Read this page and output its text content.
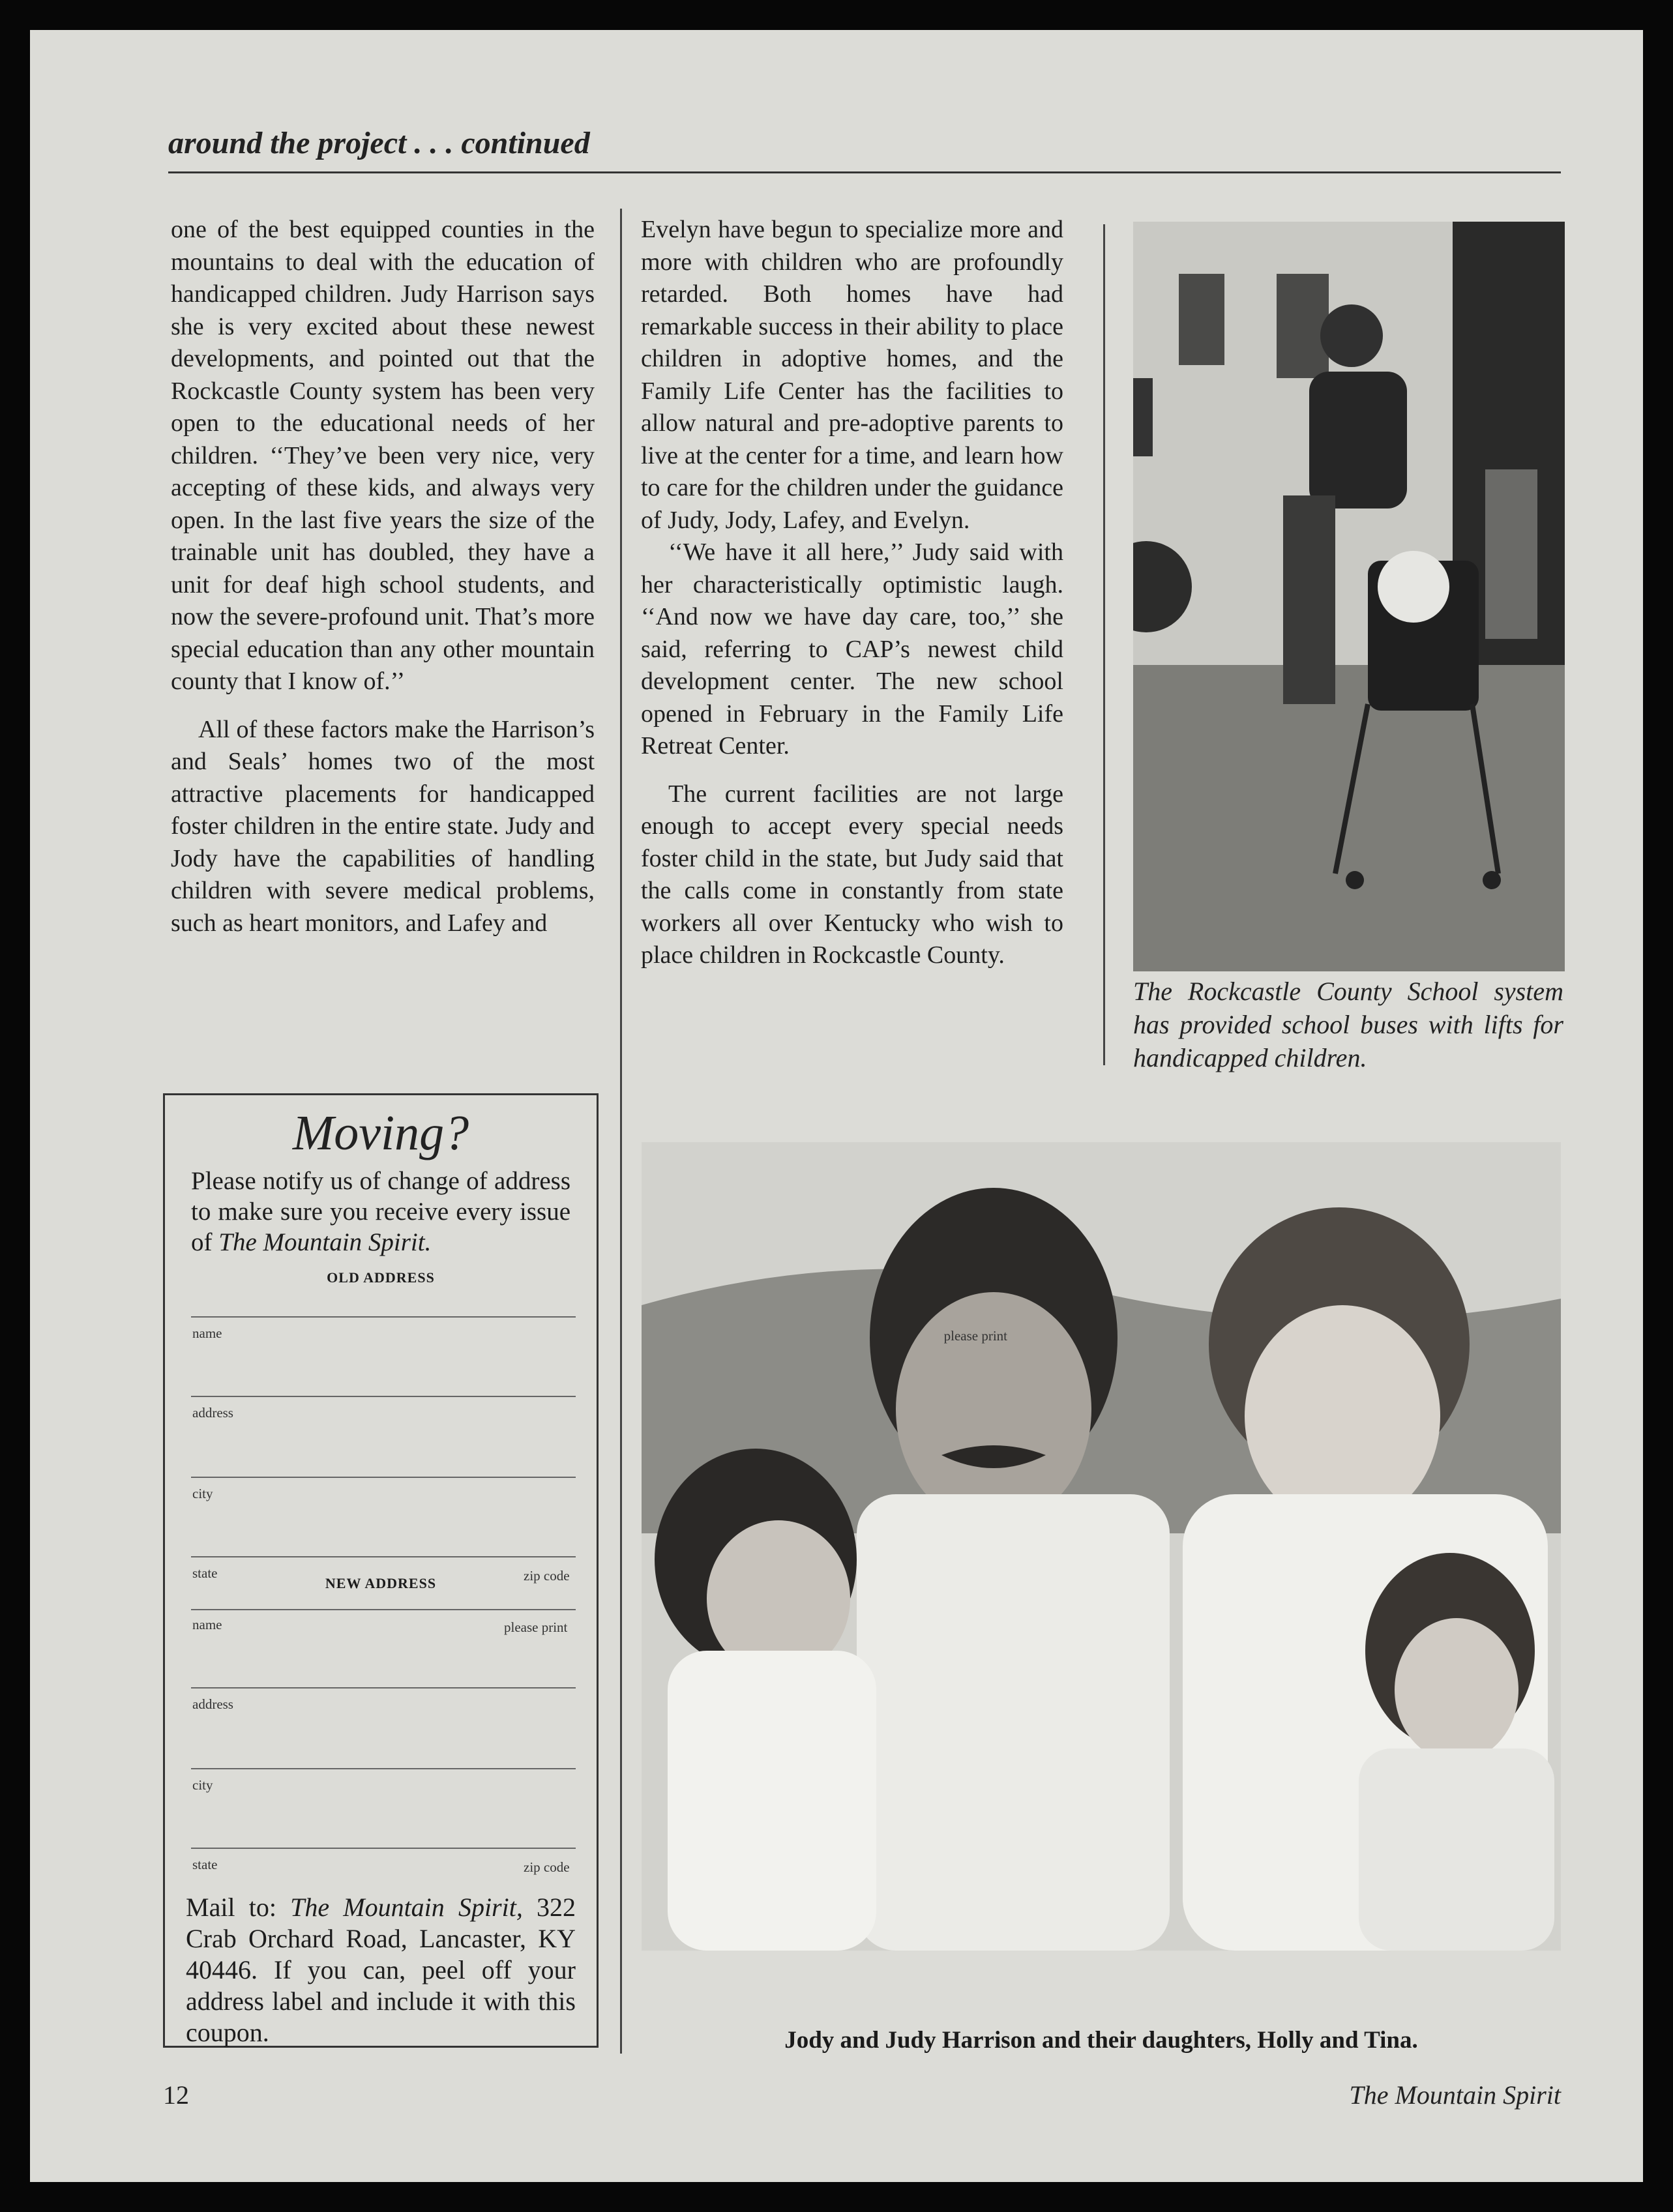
around the project . . . continued

one of the best equipped counties in the mountains to deal with the education of handicapped children. Judy Harrison says she is very excited about these newest developments, and pointed out that the Rockcastle County system has been very open to the educational needs of her children. ‘‘They’ve been very nice, very accepting of these kids, and always very open. In the last five years the size of the trainable unit has doubled, they have a unit for deaf high school students, and now the severe-profound unit. That’s more special education than any other mountain county that I know of.’’

All of these factors make the Harrison’s and Seals’ homes two of the most attractive placements for handicapped foster children in the entire state. Judy and Jody have the capabilities of handling children with severe medical problems, such as heart monitors, and Lafey and

Evelyn have begun to specialize more and more with children who are profoundly retarded. Both homes have had remarkable success in their ability to place children in adoptive homes, and the Family Life Center has the facilities to allow natural and pre-adoptive parents to live at the center for a time, and learn how to care for the children under the guidance of Judy, Jody, Lafey, and Evelyn.

‘‘We have it all here,’’ Judy said with her characteristically optimistic laugh. ‘‘And now we have day care, too,’’ she said, referring to CAP’s newest child development center. The new school opened in February in the Family Life Retreat Center.

The current facilities are not large enough to accept every special needs foster child in the state, but Judy said that the calls come in constantly from state workers all over Kentucky who wish to place children in Rockcastle County.

The Rockcastle County School system has provided school buses with lifts for handicapped children.
Jody and Judy Harrison and their daughters, Holly and Tina.
Moving?
Please notify us of change of address to make sure you receive every issue of The Mountain Spirit.
OLD ADDRESS
name	please print
address
city
state	zip code
NEW ADDRESS
name	please print
address
city
state	zip code
Mail to: The Mountain Spirit, 322 Crab Orchard Road, Lancaster, KY 40446. If you can, peel off your address label and include it with this coupon.
12	The Mountain Spirit
